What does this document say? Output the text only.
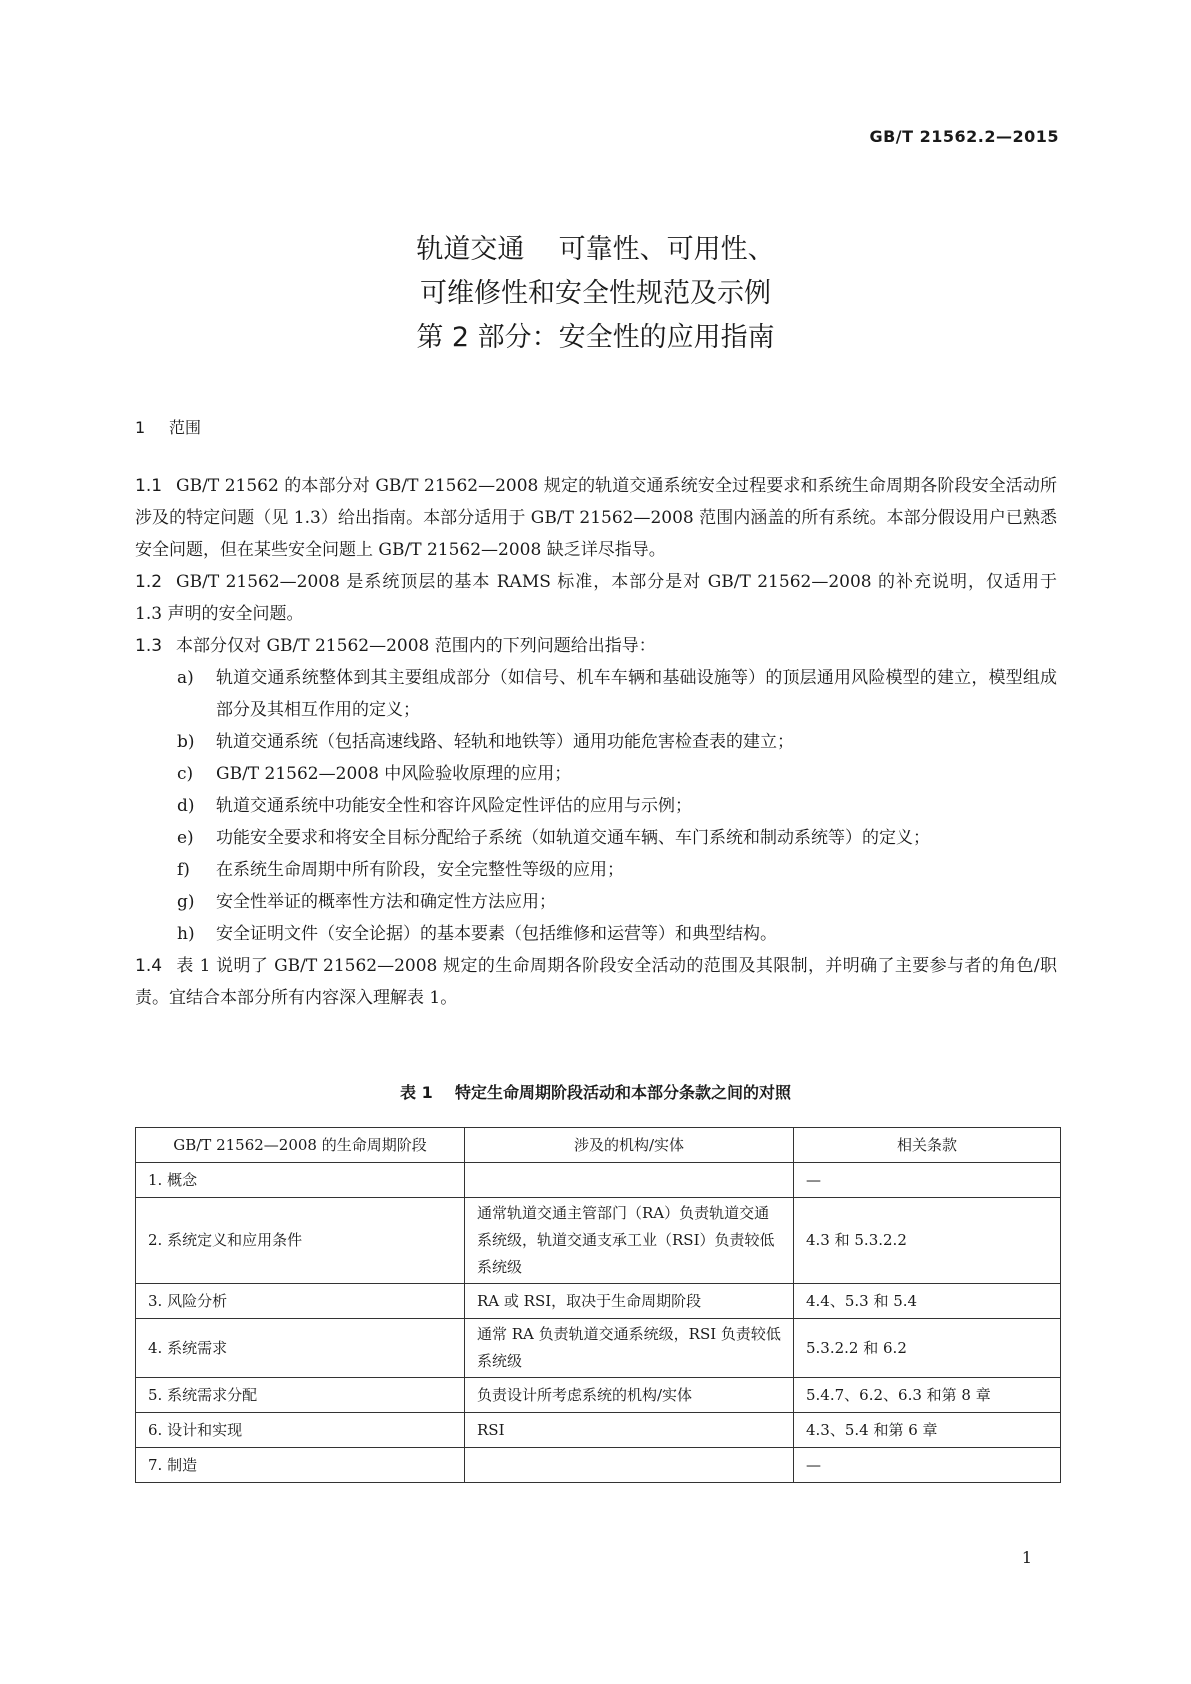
GB/T 21562.2—2015
轨道交通    可靠性、可用性、
可维修性和安全性规范及示例
第 2 部分：安全性的应用指南
1 范围
1.1 GB/T 21562 的本部分对 GB/T 21562—2008 规定的轨道交通系统安全过程要求和系统生命周期各阶段安全活动所涉及的特定问题（见 1.3）给出指南。本部分适用于 GB/T 21562—2008 范围内涵盖的所有系统。本部分假设用户已熟悉安全问题，但在某些安全问题上 GB/T 21562—2008 缺乏详尽指导。
1.2 GB/T 21562—2008 是系统顶层的基本 RAMS 标准，本部分是对 GB/T 21562—2008 的补充说明，仅适用于 1.3 声明的安全问题。
1.3 本部分仅对 GB/T 21562—2008 范围内的下列问题给出指导：
a) 轨道交通系统整体到其主要组成部分（如信号、机车车辆和基础设施等）的顶层通用风险模型的建立，模型组成部分及其相互作用的定义；
b) 轨道交通系统（包括高速线路、轻轨和地铁等）通用功能危害检查表的建立；
c) GB/T 21562—2008 中风险验收原理的应用；
d) 轨道交通系统中功能安全性和容许风险定性评估的应用与示例；
e) 功能安全要求和将安全目标分配给子系统（如轨道交通车辆、车门系统和制动系统等）的定义；
f) 在系统生命周期中所有阶段，安全完整性等级的应用；
g) 安全性举证的概率性方法和确定性方法应用；
h) 安全证明文件（安全论据）的基本要素（包括维修和运营等）和典型结构。
1.4 表 1 说明了 GB/T 21562—2008 规定的生命周期各阶段安全活动的范围及其限制，并明确了主要参与者的角色/职责。宜结合本部分所有内容深入理解表 1。
表 1    特定生命周期阶段活动和本部分条款之间的对照
GB/T 21562—2008 的生命周期阶段	涉及的机构/实体	相关条款
1. 概念		—
2. 系统定义和应用条件	通常轨道交通主管部门（RA）负责轨道交通系统级，轨道交通支承工业（RSI）负责较低系统级	4.3 和 5.3.2.2
3. 风险分析	RA 或 RSI，取决于生命周期阶段	4.4、5.3 和 5.4
4. 系统需求	通常 RA 负责轨道交通系统级，RSI 负责较低系统级	5.3.2.2 和 6.2
5. 系统需求分配	负责设计所考虑系统的机构/实体	5.4.7、6.2、6.3 和第 8 章
6. 设计和实现	RSI	4.3、5.4 和第 6 章
7. 制造		—
1
